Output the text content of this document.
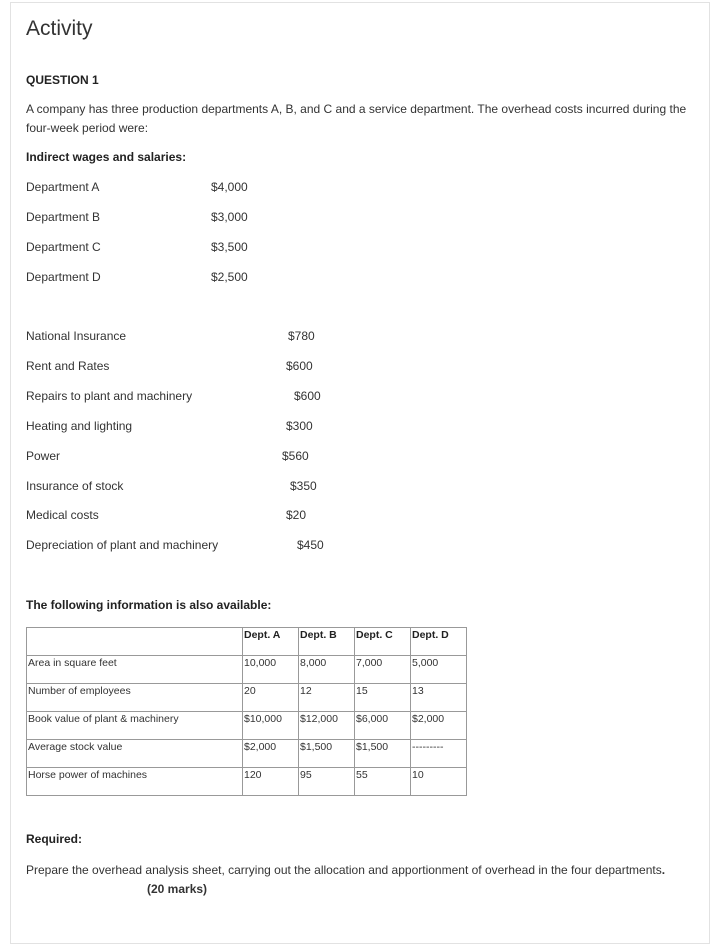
Activity
QUESTION 1
A company has three production departments A, B, and C and a service department. The overhead costs incurred during the four-week period were:
Indirect wages and salaries:
Department A	$4,000
Department B	$3,000
Department C	$3,500
Department D	$2,500
National Insurance	$780
Rent and Rates	$600
Repairs to plant and machinery	$600
Heating and lighting	$300
Power	$560
Insurance of stock	$350
Medical costs	$20
Depreciation of plant and machinery	$450
The following information is also available:
	Dept. A	Dept. B	Dept. C	Dept. D
Area in square feet	10,000	8,000	7,000	5,000
Number of employees	20	12	15	13
Book value of plant & machinery	$10,000	$12,000	$6,000	$2,000
Average stock value	$2,000	$1,500	$1,500	---------
Horse power of machines	120	95	55	10
Required:
Prepare the overhead analysis sheet, carrying out the allocation and apportionment of overhead in the four departments.(20 marks)
